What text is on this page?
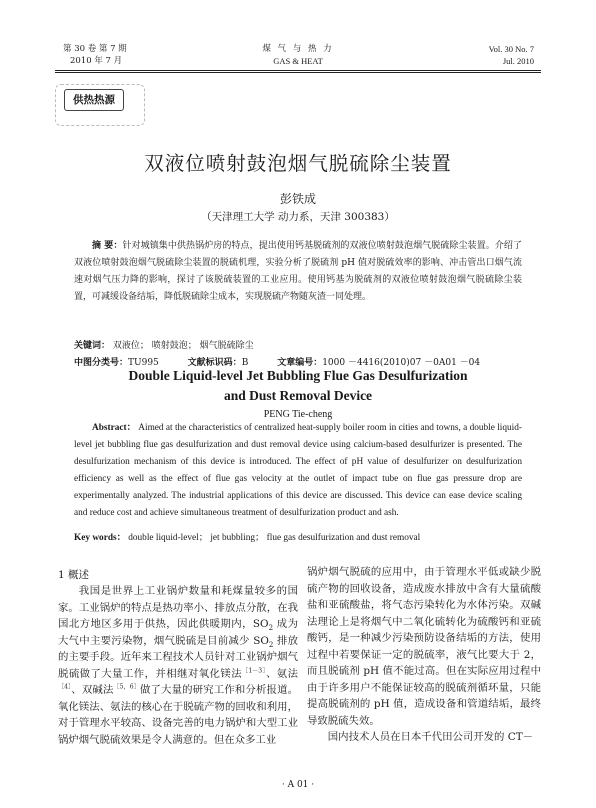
第 30 卷 第 7 期
2010 年 7 月
煤 气 与 热 力
GAS & HEAT
Vol. 30 No. 7
Jul. 2010
供热热源
双液位喷射鼓泡烟气脱硫除尘装置
彭铁成
（天津理工大学 动力系，天津 300383）
摘 要：针对城镇集中供热锅炉房的特点，提出使用钙基脱硫剂的双液位喷射鼓泡烟气脱硫除尘装置。介绍了双液位喷射鼓泡烟气脱硫除尘装置的脱硫机理，实验分析了脱硫剂 pH 值对脱硫效率的影响、冲击管出口烟气流速对烟气压力降的影响，探讨了该脱硫装置的工业应用。使用钙基为脱硫剂的双液位喷射鼓泡烟气脱硫除尘装置，可减缓设备结垢，降低脱硫除尘成本，实现脱硫产物随灰渣一同处理。
关键词： 双液位； 喷射鼓泡； 烟气脱硫除尘
中图分类号：TU995	文献标识码：B	文章编号：1000 －4416(2010)07 －0A01 －04
Double Liquid-level Jet Bubbling Flue Gas Desulfurization
and Dust Removal Device
PENG Tie-cheng
Abstract： Aimed at the characteristics of centralized heat-supply boiler room in cities and towns, a double liquid-level jet bubbling flue gas desulfurization and dust removal device using calcium-based desulfurizer is presented. The desulfurization mechanism of this device is introduced. The effect of pH value of desulfurizer on desulfurization efficiency as well as the effect of flue gas velocity at the outlet of impact tube on flue gas pressure drop are experimentally analyzed. The industrial applications of this device are discussed. This device can ease device scaling and reduce cost and achieve simultaneous treatment of desulfurization product and ash.
Key words： double liquid-level； jet bubbling； flue gas desulfurization and dust removal
1 概述
我国是世界上工业锅炉数量和耗煤量较多的国家。工业锅炉的特点是热功率小、排放点分散，在我国北方地区多用于供热，因此供暖期内，$SO_2$ 成为大气中主要污染物，烟气脱硫是目前减少 $SO_2$ 排放的主要手段。近年来工程技术人员针对工业锅炉烟气脱硫做了大量工作，并相继对氧化镁法$^{[1-3]}$、氨法$^{[4]}$、双碱法$^{[5,6]}$做了大量的研究工作和分析报道。氧化镁法、氨法的核心在于脱硫产物的回收和利用，对于管理水平较高、设备完善的电力锅炉和大型工业锅炉烟气脱硫效果是令人满意的。但在众多工业
锅炉烟气脱硫的应用中，由于管理水平低或缺少脱硫产物的回收设备，造成废水排放中含有大量硫酸盐和亚硫酸盐，将气态污染转化为水体污染。双碱法理论上是将烟气中二氧化硫转化为硫酸钙和亚硫酸钙，是一种减少污染预防设备结垢的方法，使用过程中若要保证一定的脱硫率，液气比要大于 2，而且脱硫剂 pH 值不能过高。但在实际应用过程中由于许多用户不能保证较高的脱硫剂循环量，只能提高脱硫剂的 pH 值，造成设备和管道结垢，最终导致脱硫失效。
国内技术人员在日本千代田公司开发的 CT－
· A 01 ·
